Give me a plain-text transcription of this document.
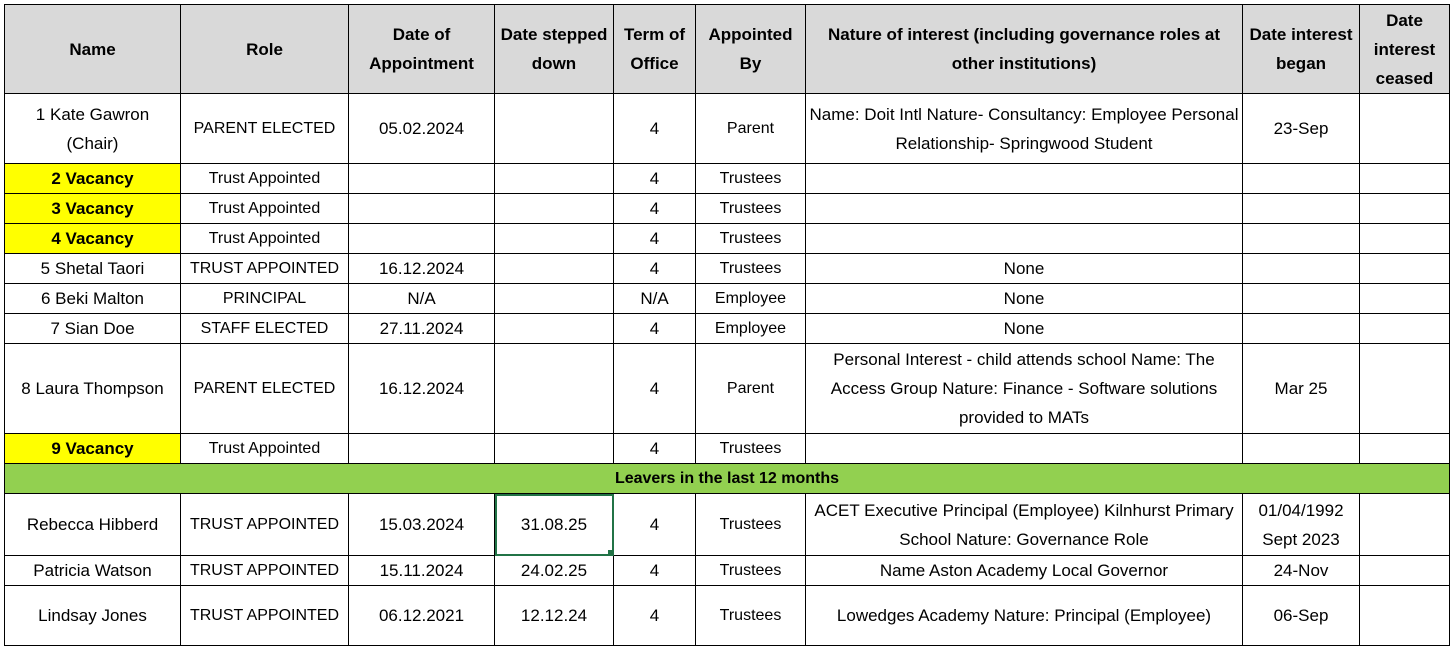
Name	Role	Date of Appointment	Date stepped down	Term of Office	Appointed By	Nature of interest (including governance roles at other institutions)	Date interest began	Date interest ceased
1 Kate Gawron (Chair)	PARENT ELECTED	05.02.2024		4	Parent	Name: Doit Intl Nature- Consultancy: Employee Personal Relationship- Springwood Student	23-Sep	
2 Vacancy	Trust Appointed			4	Trustees			
3 Vacancy	Trust Appointed			4	Trustees			
4 Vacancy	Trust Appointed			4	Trustees			
5 Shetal Taori	TRUST APPOINTED	16.12.2024		4	Trustees	None		
6 Beki Malton	PRINCIPAL	N/A		N/A	Employee	None		
7 Sian Doe	STAFF ELECTED	27.11.2024		4	Employee	None		
8 Laura Thompson	PARENT ELECTED	16.12.2024		4	Parent	Personal Interest - child attends school Name: The Access Group Nature: Finance - Software solutions provided to MATs	Mar 25	
9 Vacancy	Trust Appointed			4	Trustees			
Leavers in the last 12 months								
Rebecca Hibberd	TRUST APPOINTED	15.03.2024	31.08.25	4	Trustees	ACET Executive Principal (Employee) Kilnhurst Primary School Nature: Governance Role	01/04/1992 Sept 2023	
Patricia Watson	TRUST APPOINTED	15.11.2024	24.02.25	4	Trustees	Name Aston Academy Local Governor	24-Nov	
Lindsay Jones	TRUST APPOINTED	06.12.2021	12.12.24	4	Trustees	Lowedges Academy Nature: Principal (Employee)	06-Sep	
